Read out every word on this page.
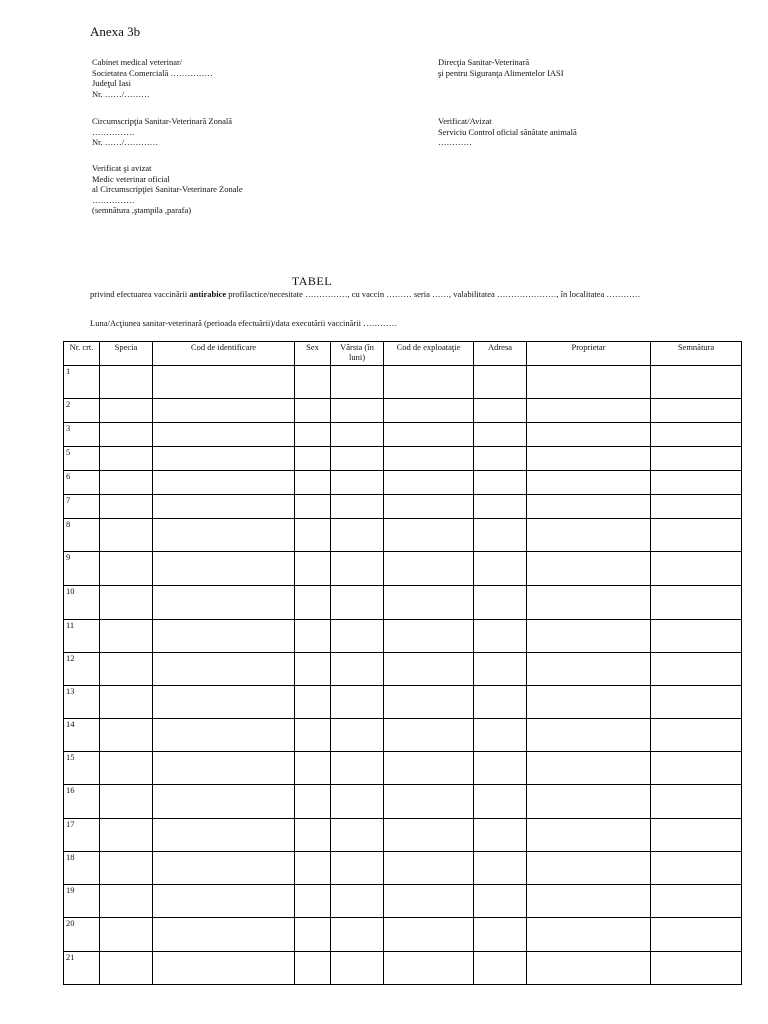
Anexa 3b
Cabinet medical veterinar/
Societatea Comercială ……………
Judeţul Iasi
Nr. ……/………
Circumscripţia Sanitar-Veterinară Zonală
……………
Nr. ……/…………
Verificat şi avizat
Medic veterinar oficial
al Circumscripţiei Sanitar-Veterinare Zonale
……………
(semnătura ,ştampila ,parafa)
Direcţia Sanitar-Veterinară
şi pentru Siguranţa Alimentelor IASI
Verificat/Avizat
Serviciu Control oficial sănătate animală
…………
TABEL
privind efectuarea vaccinării antirabice profilactice/necesitate ……………, cu vaccin ……… seria ……, valabilitatea …………………, în localitatea …………
Luna/Acţiunea sanitar-veterinară (perioada efectuării)/data executării vaccinării …………
Nr. crt.	Specia	Cod de identificare	Sex	Vârsta (în luni)	Cod de exploataţie	Adresa	Proprietar	Semnătura
1								
2								
3								
5								
6								
7								
8								
9								
10								
11								
12								
13								
14								
15								
16								
17								
18								
19								
20								
21								
